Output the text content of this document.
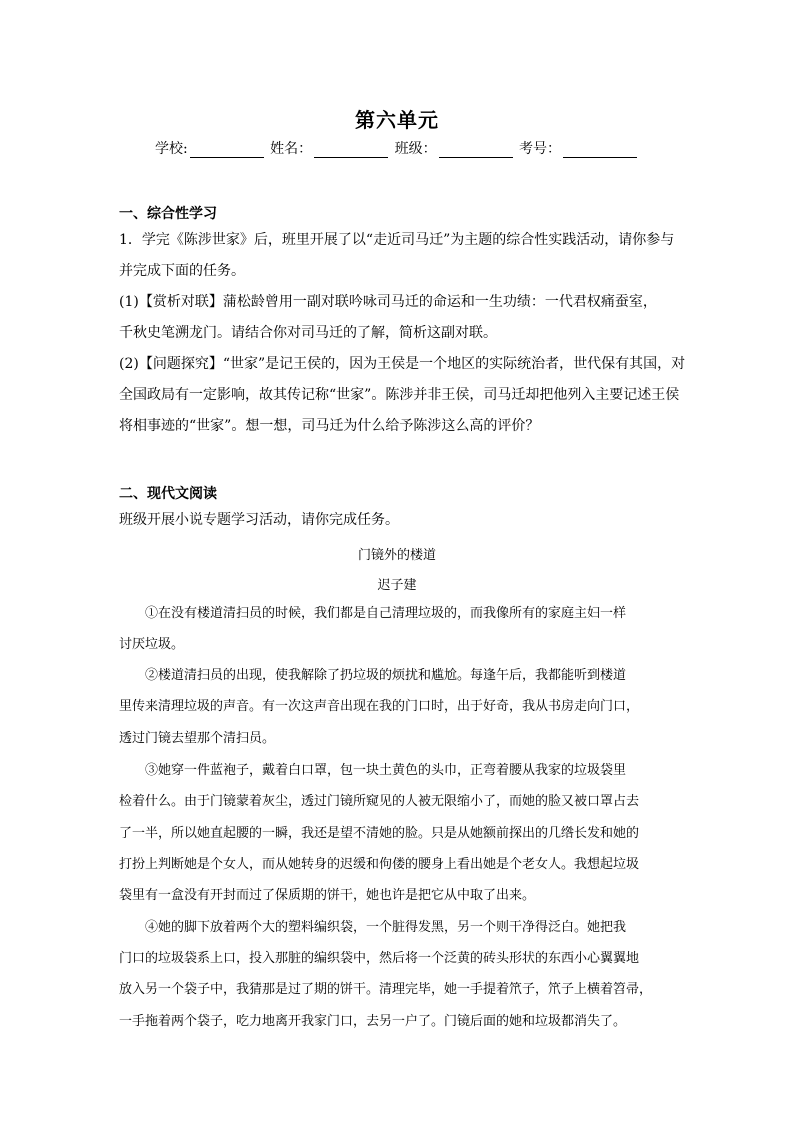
第六单元
学校:	姓名：	班级：	考号：
一、综合性学习
1．学完《陈涉世家》后，班里开展了以“走近司马迁”为主题的综合性实践活动，请你参与
并完成下面的任务。
(1)【赏析对联】蒲松龄曾用一副对联吟咏司马迁的命运和一生功绩：一代君权痛蚕室，
千秋史笔溯龙门。请结合你对司马迁的了解，简析这副对联。
(2)【问题探究】“世家”是记王侯的，因为王侯是一个地区的实际统治者，世代保有其国，对
全国政局有一定影响，故其传记称“世家”。陈涉并非王侯，司马迁却把他列入主要记述王侯
将相事迹的“世家”。想一想，司马迁为什么给予陈涉这么高的评价？
二、现代文阅读
班级开展小说专题学习活动，请你完成任务。
门镜外的楼道
迟子建
①在没有楼道清扫员的时候，我们都是自己清理垃圾的，而我像所有的家庭主妇一样
讨厌垃圾。
②楼道清扫员的出现，使我解除了扔垃圾的烦扰和尴尬。每逢午后，我都能听到楼道
里传来清理垃圾的声音。有一次这声音出现在我的门口时，出于好奇，我从书房走向门口，
透过门镜去望那个清扫员。
③她穿一件蓝袍子，戴着白口罩，包一块土黄色的头巾，正弯着腰从我家的垃圾袋里
检着什么。由于门镜蒙着灰尘，透过门镜所窥见的人被无限缩小了，而她的脸又被口罩占去
了一半，所以她直起腰的一瞬，我还是望不清她的脸。只是从她额前探出的几绺长发和她的
打扮上判断她是个女人，而从她转身的迟缓和佝偻的腰身上看出她是个老女人。我想起垃圾
袋里有一盒没有开封而过了保质期的饼干，她也许是把它从中取了出来。
④她的脚下放着两个大的塑料编织袋，一个脏得发黑，另一个则干净得泛白。她把我
门口的垃圾袋系上口，投入那脏的编织袋中，然后将一个泛黄的砖头形状的东西小心翼翼地
放入另一个袋子中，我猜那是过了期的饼干。清理完毕，她一手提着笊子，笊子上横着笤帚，
一手拖着两个袋子，吃力地离开我家门口，去另一户了。门镜后面的她和垃圾都消失了。
